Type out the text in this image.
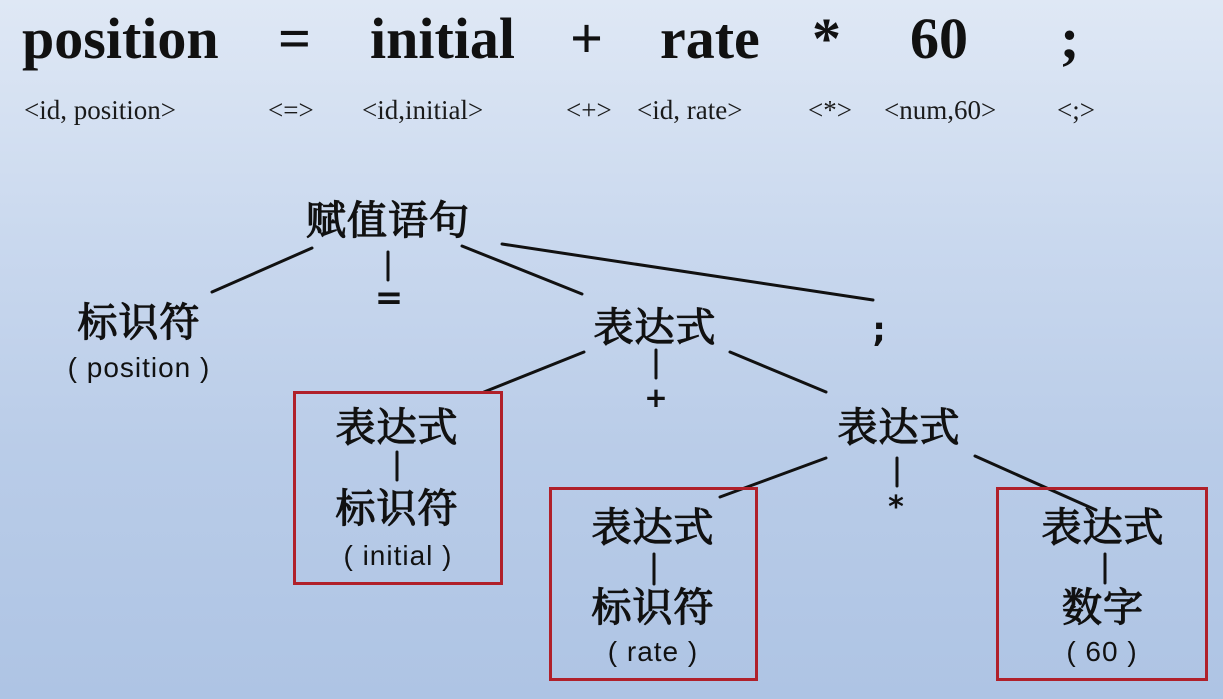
position = initial + rate * 60 ;
<id, position>	<=> <id,initial>	<+> <id, rate> <*> <num,60> <;>
赋值语句
标识符
( position )
=
表达式	;
+
表达式
*
表达式
标识符
( initial )
表达式
标识符
( rate )
表达式
数字
( 60 )
